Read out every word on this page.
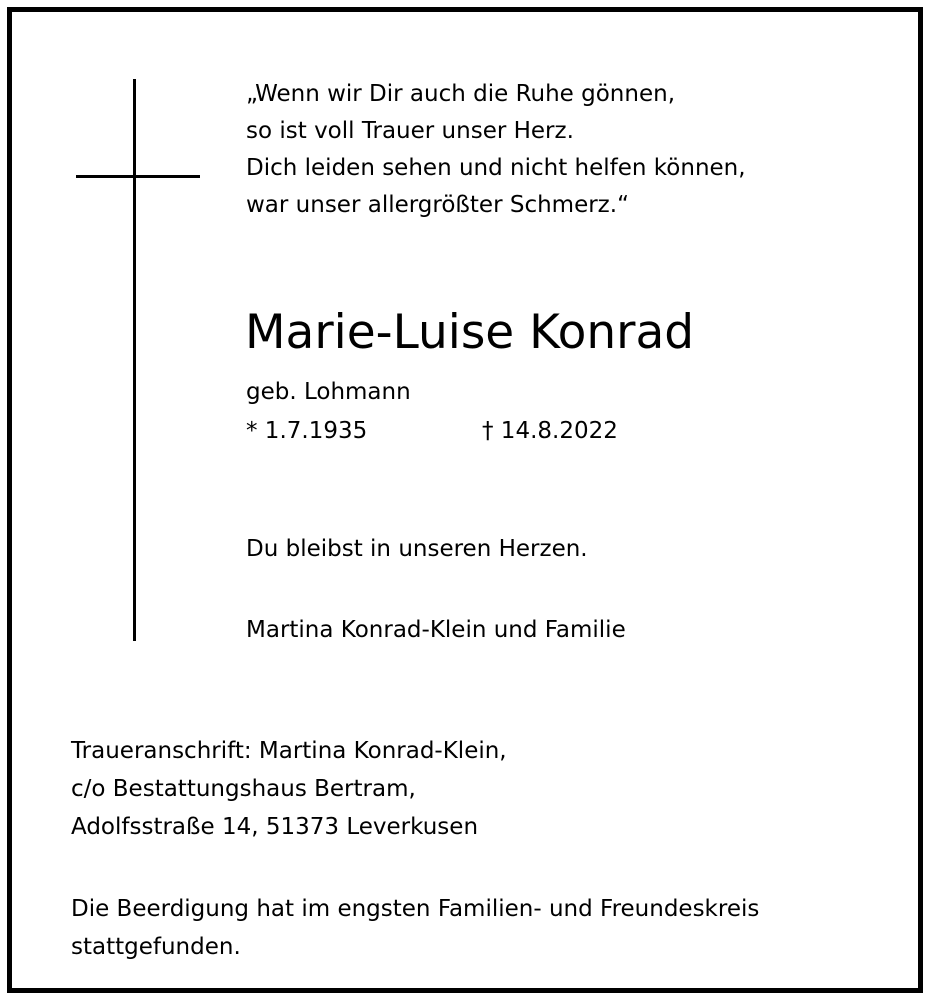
„Wenn wir Dir auch die Ruhe gönnen,
so ist voll Trauer unser Herz.
Dich leiden sehen und nicht helfen können,
war unser allergrößter Schmerz.“

Marie-Luise Konrad
geb. Lohmann
* 1.7.1935	† 14.8.2022
Du bleibst in unseren Herzen.
Martina Konrad-Klein und Familie
Traueranschrift: Martina Konrad-Klein,
c/o Bestattungshaus Bertram,
Adolfsstraße 14, 51373 Leverkusen
Die Beerdigung hat im engsten Familien- und Freundeskreis
stattgefunden.
